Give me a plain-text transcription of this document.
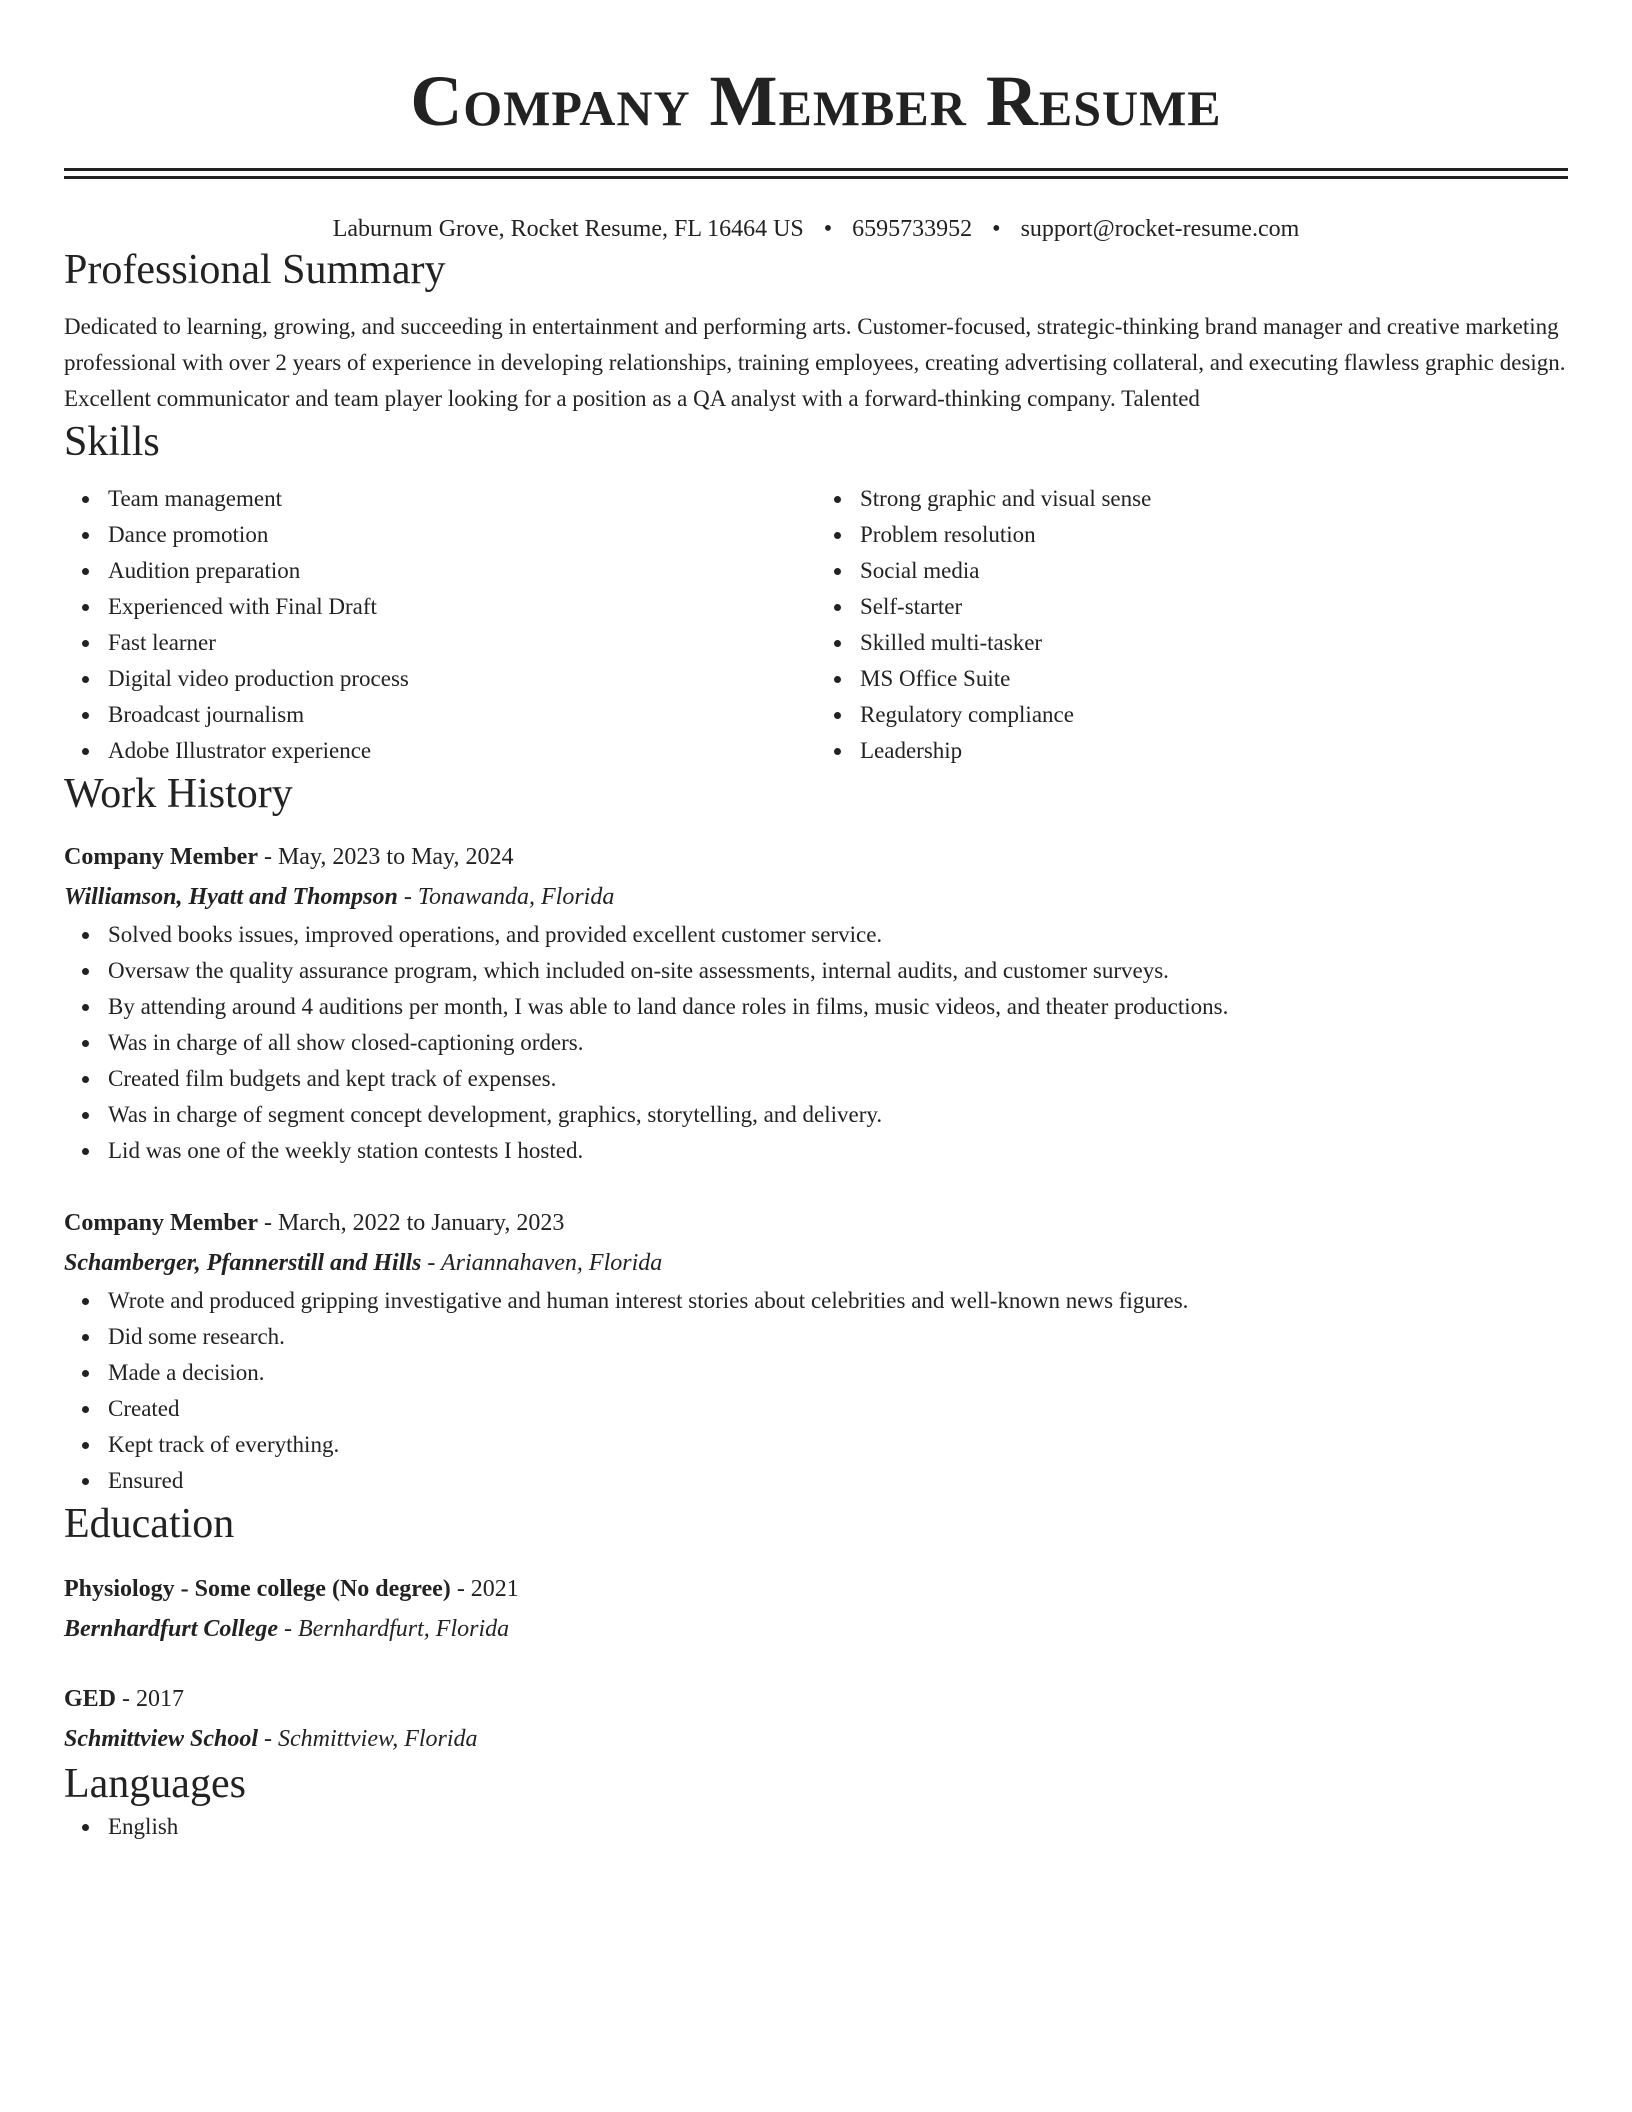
Company Member Resume
Laburnum Grove, Rocket Resume, FL 16464 US • 6595733952 • support@rocket-resume.com
Professional Summary

Dedicated to learning, growing, and succeeding in entertainment and performing arts. Customer-focused, strategic-thinking brand manager and creative marketing professional with over 2 years of experience in developing relationships, training employees, creating advertising collateral, and executing flawless graphic design. Excellent communicator and team player looking for a position as a QA analyst with a forward-thinking company. Talented

Skills
Team management
Dance promotion
Audition preparation
Experienced with Final Draft
Fast learner
Digital video production process
Broadcast journalism
Adobe Illustrator experience
Strong graphic and visual sense
Problem resolution
Social media
Self-starter
Skilled multi-tasker
MS Office Suite
Regulatory compliance
Leadership
Work History
Company Member - May, 2023 to May, 2024
Williamson, Hyatt and Thompson - Tonawanda, Florida
Solved books issues, improved operations, and provided excellent customer service.
Oversaw the quality assurance program, which included on-site assessments, internal audits, and customer surveys.
By attending around 4 auditions per month, I was able to land dance roles in films, music videos, and theater productions.
Was in charge of all show closed-captioning orders.
Created film budgets and kept track of expenses.
Was in charge of segment concept development, graphics, storytelling, and delivery.
Lid was one of the weekly station contests I hosted.
Company Member - March, 2022 to January, 2023
Schamberger, Pfannerstill and Hills - Ariannahaven, Florida
Wrote and produced gripping investigative and human interest stories about celebrities and well-known news figures.
Did some research.
Made a decision.
Created
Kept track of everything.
Ensured
Education
Physiology - Some college (No degree) - 2021
Bernhardfurt College - Bernhardfurt, Florida
GED - 2017
Schmittview School - Schmittview, Florida
Languages
English
